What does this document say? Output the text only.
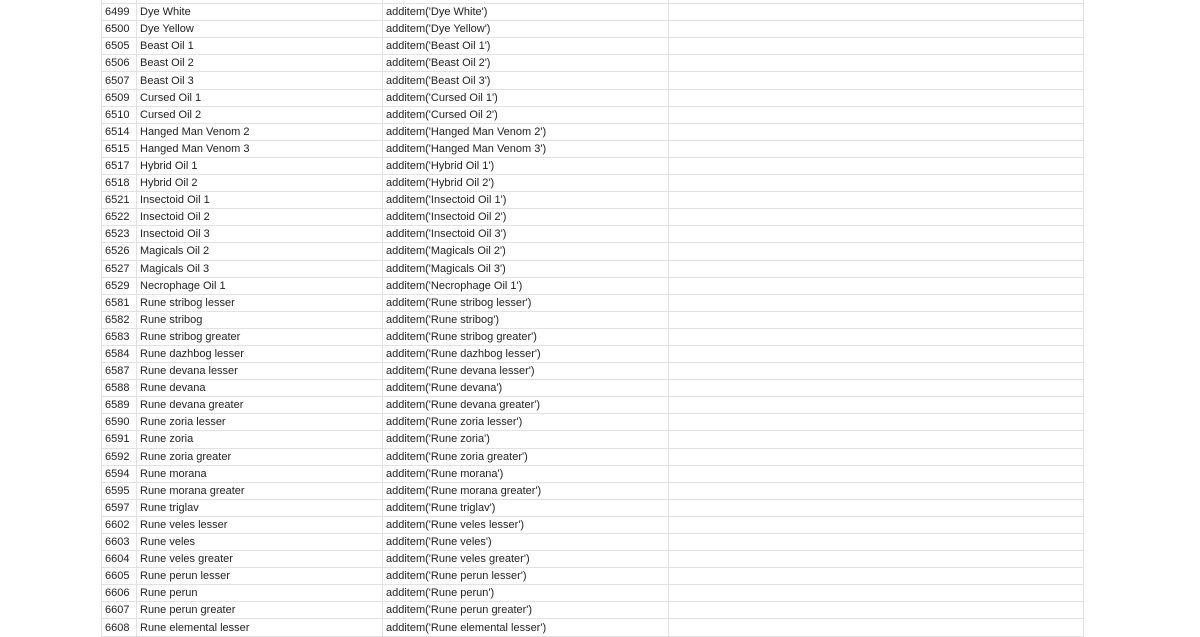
6499	Dye White	additem('Dye White')	
6500	Dye Yellow	additem('Dye Yellow')	
6505	Beast Oil 1	additem('Beast Oil 1')	
6506	Beast Oil 2	additem('Beast Oil 2')	
6507	Beast Oil 3	additem('Beast Oil 3')	
6509	Cursed Oil 1	additem('Cursed Oil 1')	
6510	Cursed Oil 2	additem('Cursed Oil 2')	
6514	Hanged Man Venom 2	additem('Hanged Man Venom 2')	
6515	Hanged Man Venom 3	additem('Hanged Man Venom 3')	
6517	Hybrid Oil 1	additem('Hybrid Oil 1')	
6518	Hybrid Oil 2	additem('Hybrid Oil 2')	
6521	Insectoid Oil 1	additem('Insectoid Oil 1')	
6522	Insectoid Oil 2	additem('Insectoid Oil 2')	
6523	Insectoid Oil 3	additem('Insectoid Oil 3')	
6526	Magicals Oil 2	additem('Magicals Oil 2')	
6527	Magicals Oil 3	additem('Magicals Oil 3')	
6529	Necrophage Oil 1	additem('Necrophage Oil 1')	
6581	Rune stribog lesser	additem('Rune stribog lesser')	
6582	Rune stribog	additem('Rune stribog')	
6583	Rune stribog greater	additem('Rune stribog greater')	
6584	Rune dazhbog lesser	additem('Rune dazhbog lesser')	
6587	Rune devana lesser	additem('Rune devana lesser')	
6588	Rune devana	additem('Rune devana')	
6589	Rune devana greater	additem('Rune devana greater')	
6590	Rune zoria lesser	additem('Rune zoria lesser')	
6591	Rune zoria	additem('Rune zoria')	
6592	Rune zoria greater	additem('Rune zoria greater')	
6594	Rune morana	additem('Rune morana')	
6595	Rune morana greater	additem('Rune morana greater')	
6597	Rune triglav	additem('Rune triglav')	
6602	Rune veles lesser	additem('Rune veles lesser')	
6603	Rune veles	additem('Rune veles')	
6604	Rune veles greater	additem('Rune veles greater')	
6605	Rune perun lesser	additem('Rune perun lesser')	
6606	Rune perun	additem('Rune perun')	
6607	Rune perun greater	additem('Rune perun greater')	
6608	Rune elemental lesser	additem('Rune elemental lesser')	
